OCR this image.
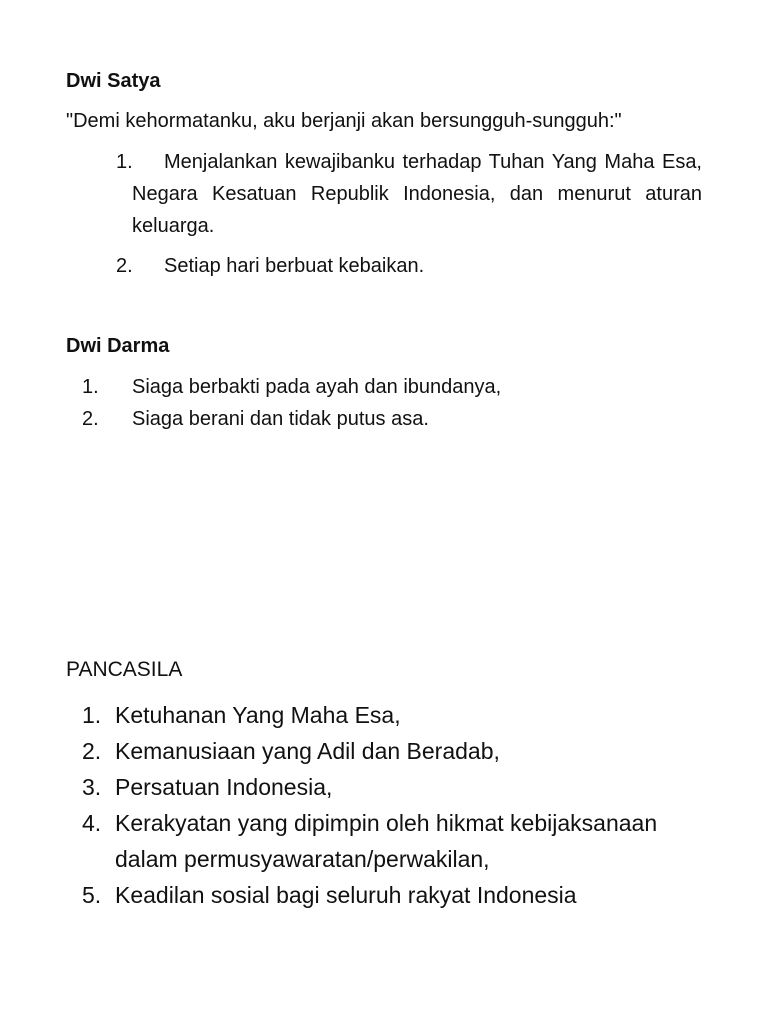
Dwi Satya

"Demi kehormatanku, aku berjanji akan bersungguh-sungguh:"

1. Menjalankan kewajibanku terhadap Tuhan Yang Maha Esa, Negara Kesatuan Republik Indonesia, dan menurut aturan keluarga.
2. Setiap hari berbuat kebaikan.
Dwi Darma
1. Siaga berbakti pada ayah dan ibundanya,
2. Siaga berani dan tidak putus asa.

PANCASILA

1. Ketuhanan Yang Maha Esa,
2. Kemanusiaan yang Adil dan Beradab,
3. Persatuan Indonesia,
4. Kerakyatan yang dipimpin oleh hikmat kebijaksanaan dalam permusyawaratan/perwakilan,
5. Keadilan sosial bagi seluruh rakyat Indonesia
